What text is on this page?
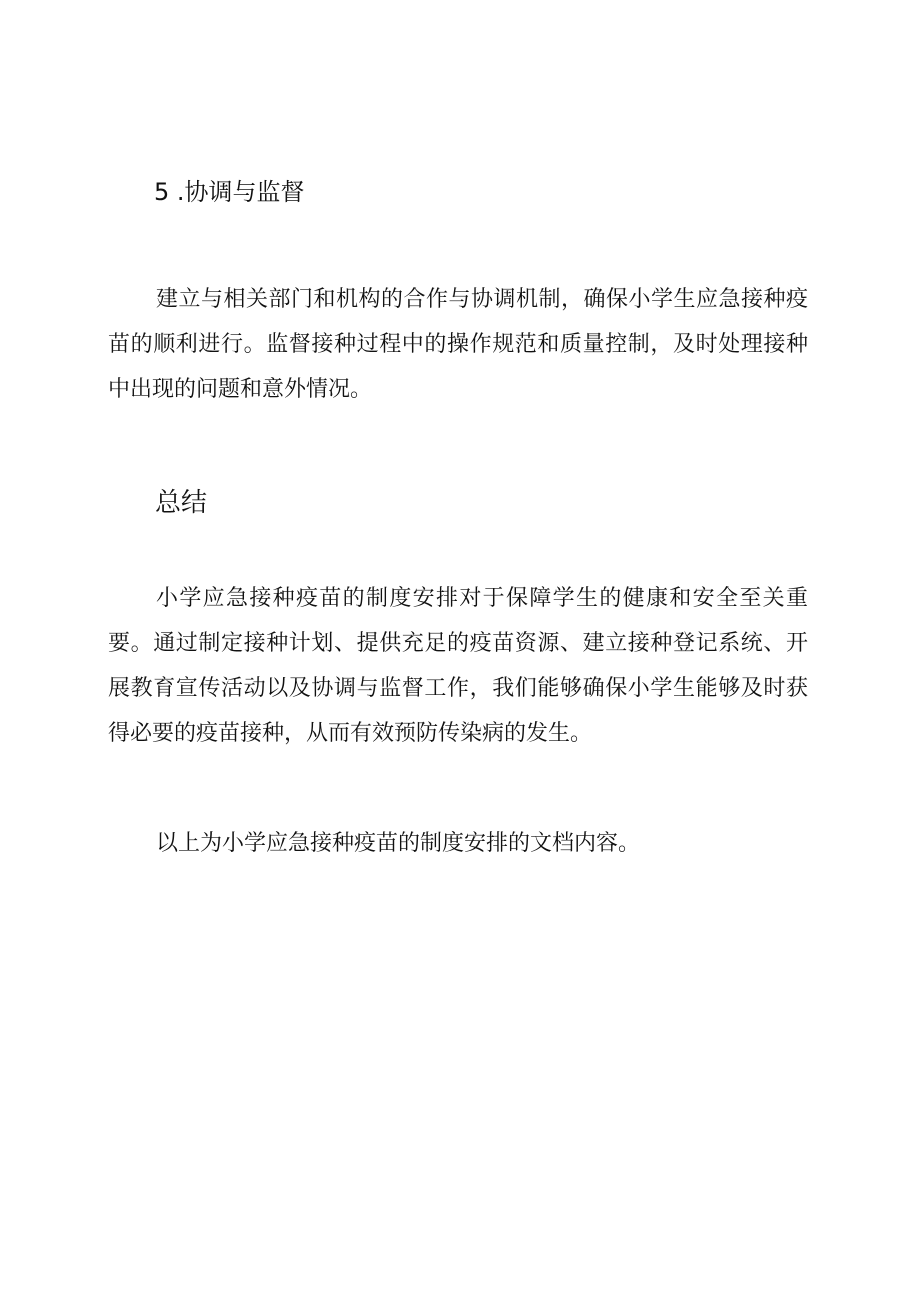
5 .协调与监督

建立与相关部门和机构的合作与协调机制，确保小学生应急接种疫苗的顺利进行。监督接种过程中的操作规范和质量控制，及时处理接种中出现的问题和意外情况。

总结

小学应急接种疫苗的制度安排对于保障学生的健康和安全至关重要。通过制定接种计划、提供充足的疫苗资源、建立接种登记系统、开展教育宣传活动以及协调与监督工作，我们能够确保小学生能够及时获得必要的疫苗接种，从而有效预防传染病的发生。

以上为小学应急接种疫苗的制度安排的文档内容。
